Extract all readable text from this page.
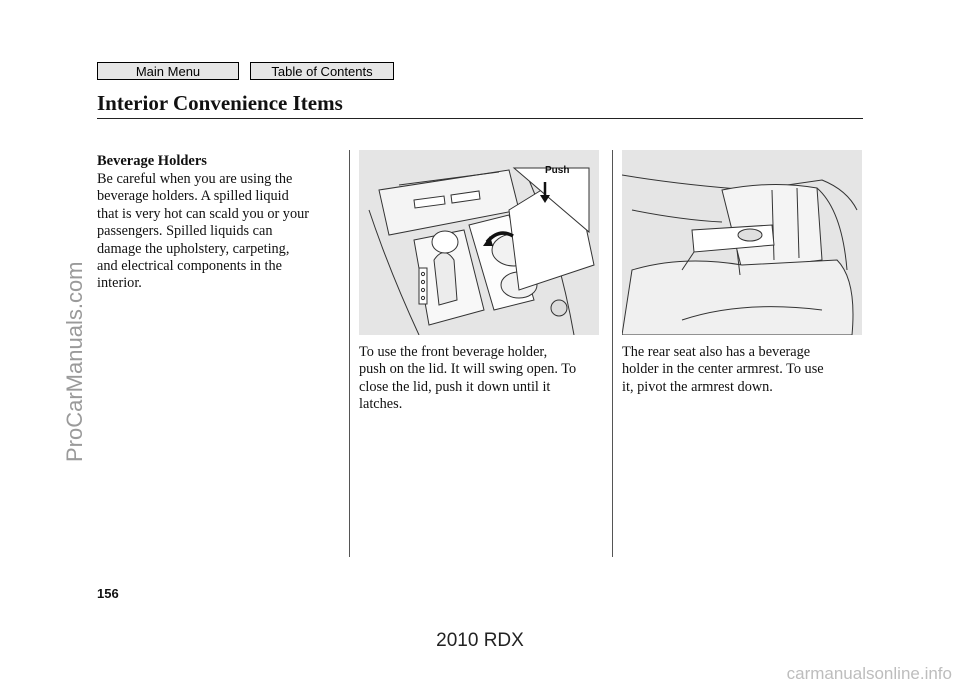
Main Menu	Table of Contents
Interior Convenience Items
Beverage Holders
Be careful when you are using the
beverage holders. A spilled liquid
that is very hot can scald you or your
passengers. Spilled liquids can
damage the upholstery, carpeting,
and electrical components in the
interior.
Push
To use the front beverage holder,
push on the lid. It will swing open. To
close the lid, push it down until it
latches.
The rear seat also has a beverage
holder in the center armrest. To use
it, pivot the armrest down.
156
ProCarManuals.com
2010 RDX
carmanualsonline.info
